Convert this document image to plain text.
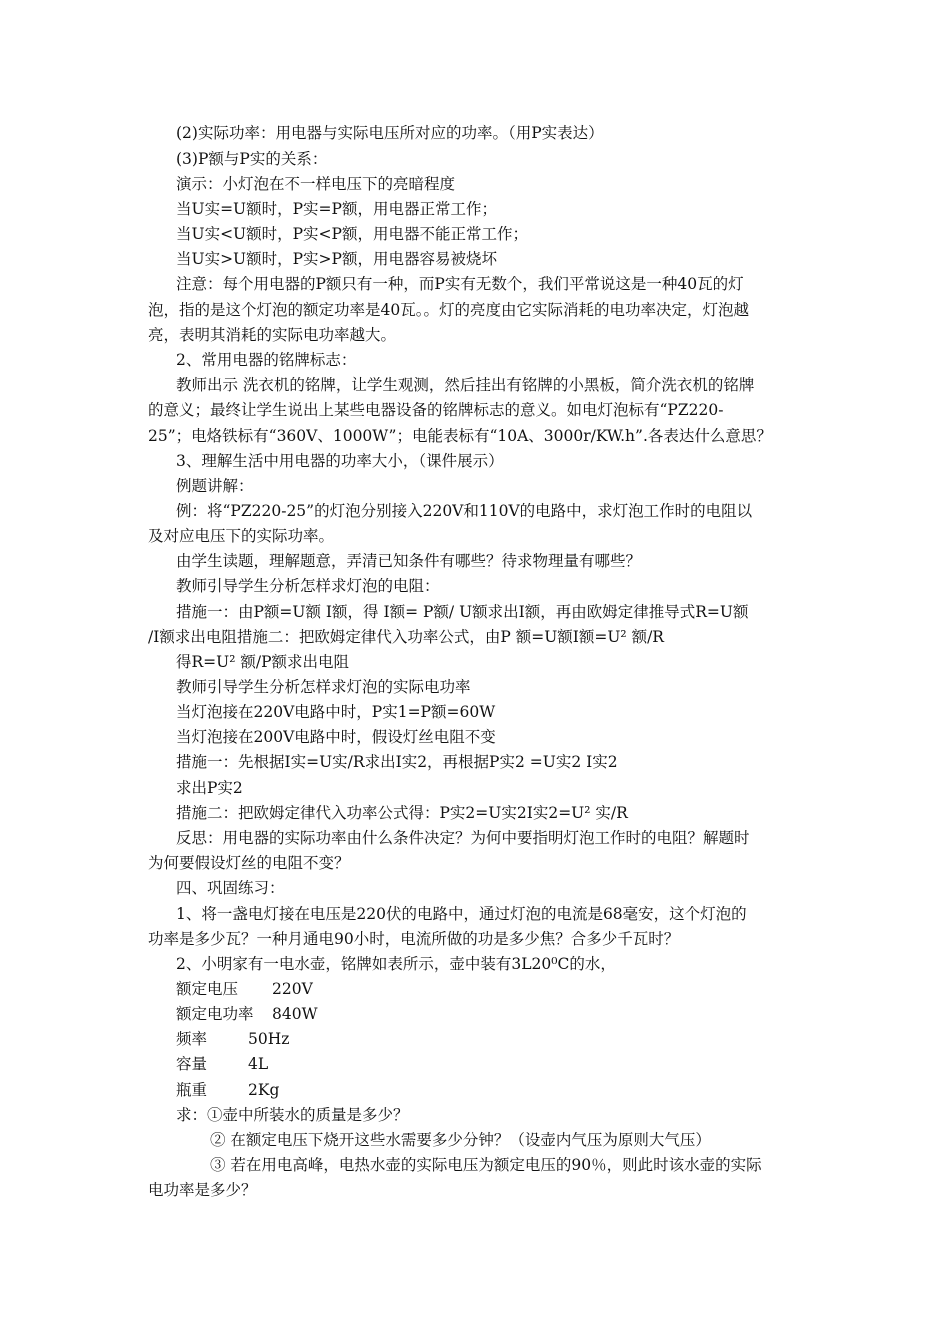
(2)实际功率：用电器与实际电压所对应的功率。（用P实表达）
(3)P额与P实的关系：
演示：小灯泡在不一样电压下的亮暗程度
当U实=U额时，P实=P额，用电器正常工作；
当U实<U额时，P实<P额，用电器不能正常工作；
当U实>U额时，P实>P额，用电器容易被烧坏
注意：每个用电器的P额只有一种，而P实有无数个，我们平常说这是一种40瓦的灯
泡，指的是这个灯泡的额定功率是40瓦。。灯的亮度由它实际消耗的电功率决定，灯泡越
亮，表明其消耗的实际电功率越大。
2、常用电器的铭牌标志：
教师出示 洗衣机的铭牌，让学生观测，然后挂出有铭牌的小黑板，简介洗衣机的铭牌
的意义；最终让学生说出上某些电器设备的铭牌标志的意义。如电灯泡标有“PZ220-
25”；电烙铁标有“360V、1000W”；电能表标有“10A、3000r/KW.h”.各表达什么意思？
3、理解生活中用电器的功率大小，（课件展示）
例题讲解：
例：将“PZ220-25”的灯泡分别接入220V和110V的电路中，求灯泡工作时的电阻以
及对应电压下的实际功率。
由学生读题，理解题意，弄清已知条件有哪些？待求物理量有哪些？
教师引导学生分析怎样求灯泡的电阻：
措施一：由P额=U额 I额，得 I额= P额/ U额求出I额，再由欧姆定律推导式R=U额
/I额求出电阻措施二：把欧姆定律代入功率公式，由P 额=U额I额=U² 额/R
得R=U² 额/P额求出电阻
教师引导学生分析怎样求灯泡的实际电功率
当灯泡接在220V电路中时，P实1=P额=60W
当灯泡接在200V电路中时，假设灯丝电阻不变
措施一：先根据I实=U实/R求出I实2，再根据P实2 =U实2 I实2
求出P实2
措施二：把欧姆定律代入功率公式得：P实2=U实2I实2=U² 实/R
反思：用电器的实际功率由什么条件决定？为何中要指明灯泡工作时的电阻？解题时
为何要假设灯丝的电阻不变？
四、巩固练习：
1、将一盏电灯接在电压是220伏的电路中，通过灯泡的电流是68毫安，这个灯泡的
功率是多少瓦？一种月通电90小时，电流所做的功是多少焦？合多少千瓦时？
2、小明家有一电水壶，铭牌如表所示，壶中装有3L20⁰C的水，
额定电压 220V
额定电功率 840W
频率	50Hz
容量	4L
瓶重	2Kg
求：①壶中所装水的质量是多少？
② 在额定电压下烧开这些水需要多少分钟？（设壶内气压为原则大气压）
③ 若在用电高峰，电热水壶的实际电压为额定电压的90％，则此时该水壶的实际
电功率是多少？
